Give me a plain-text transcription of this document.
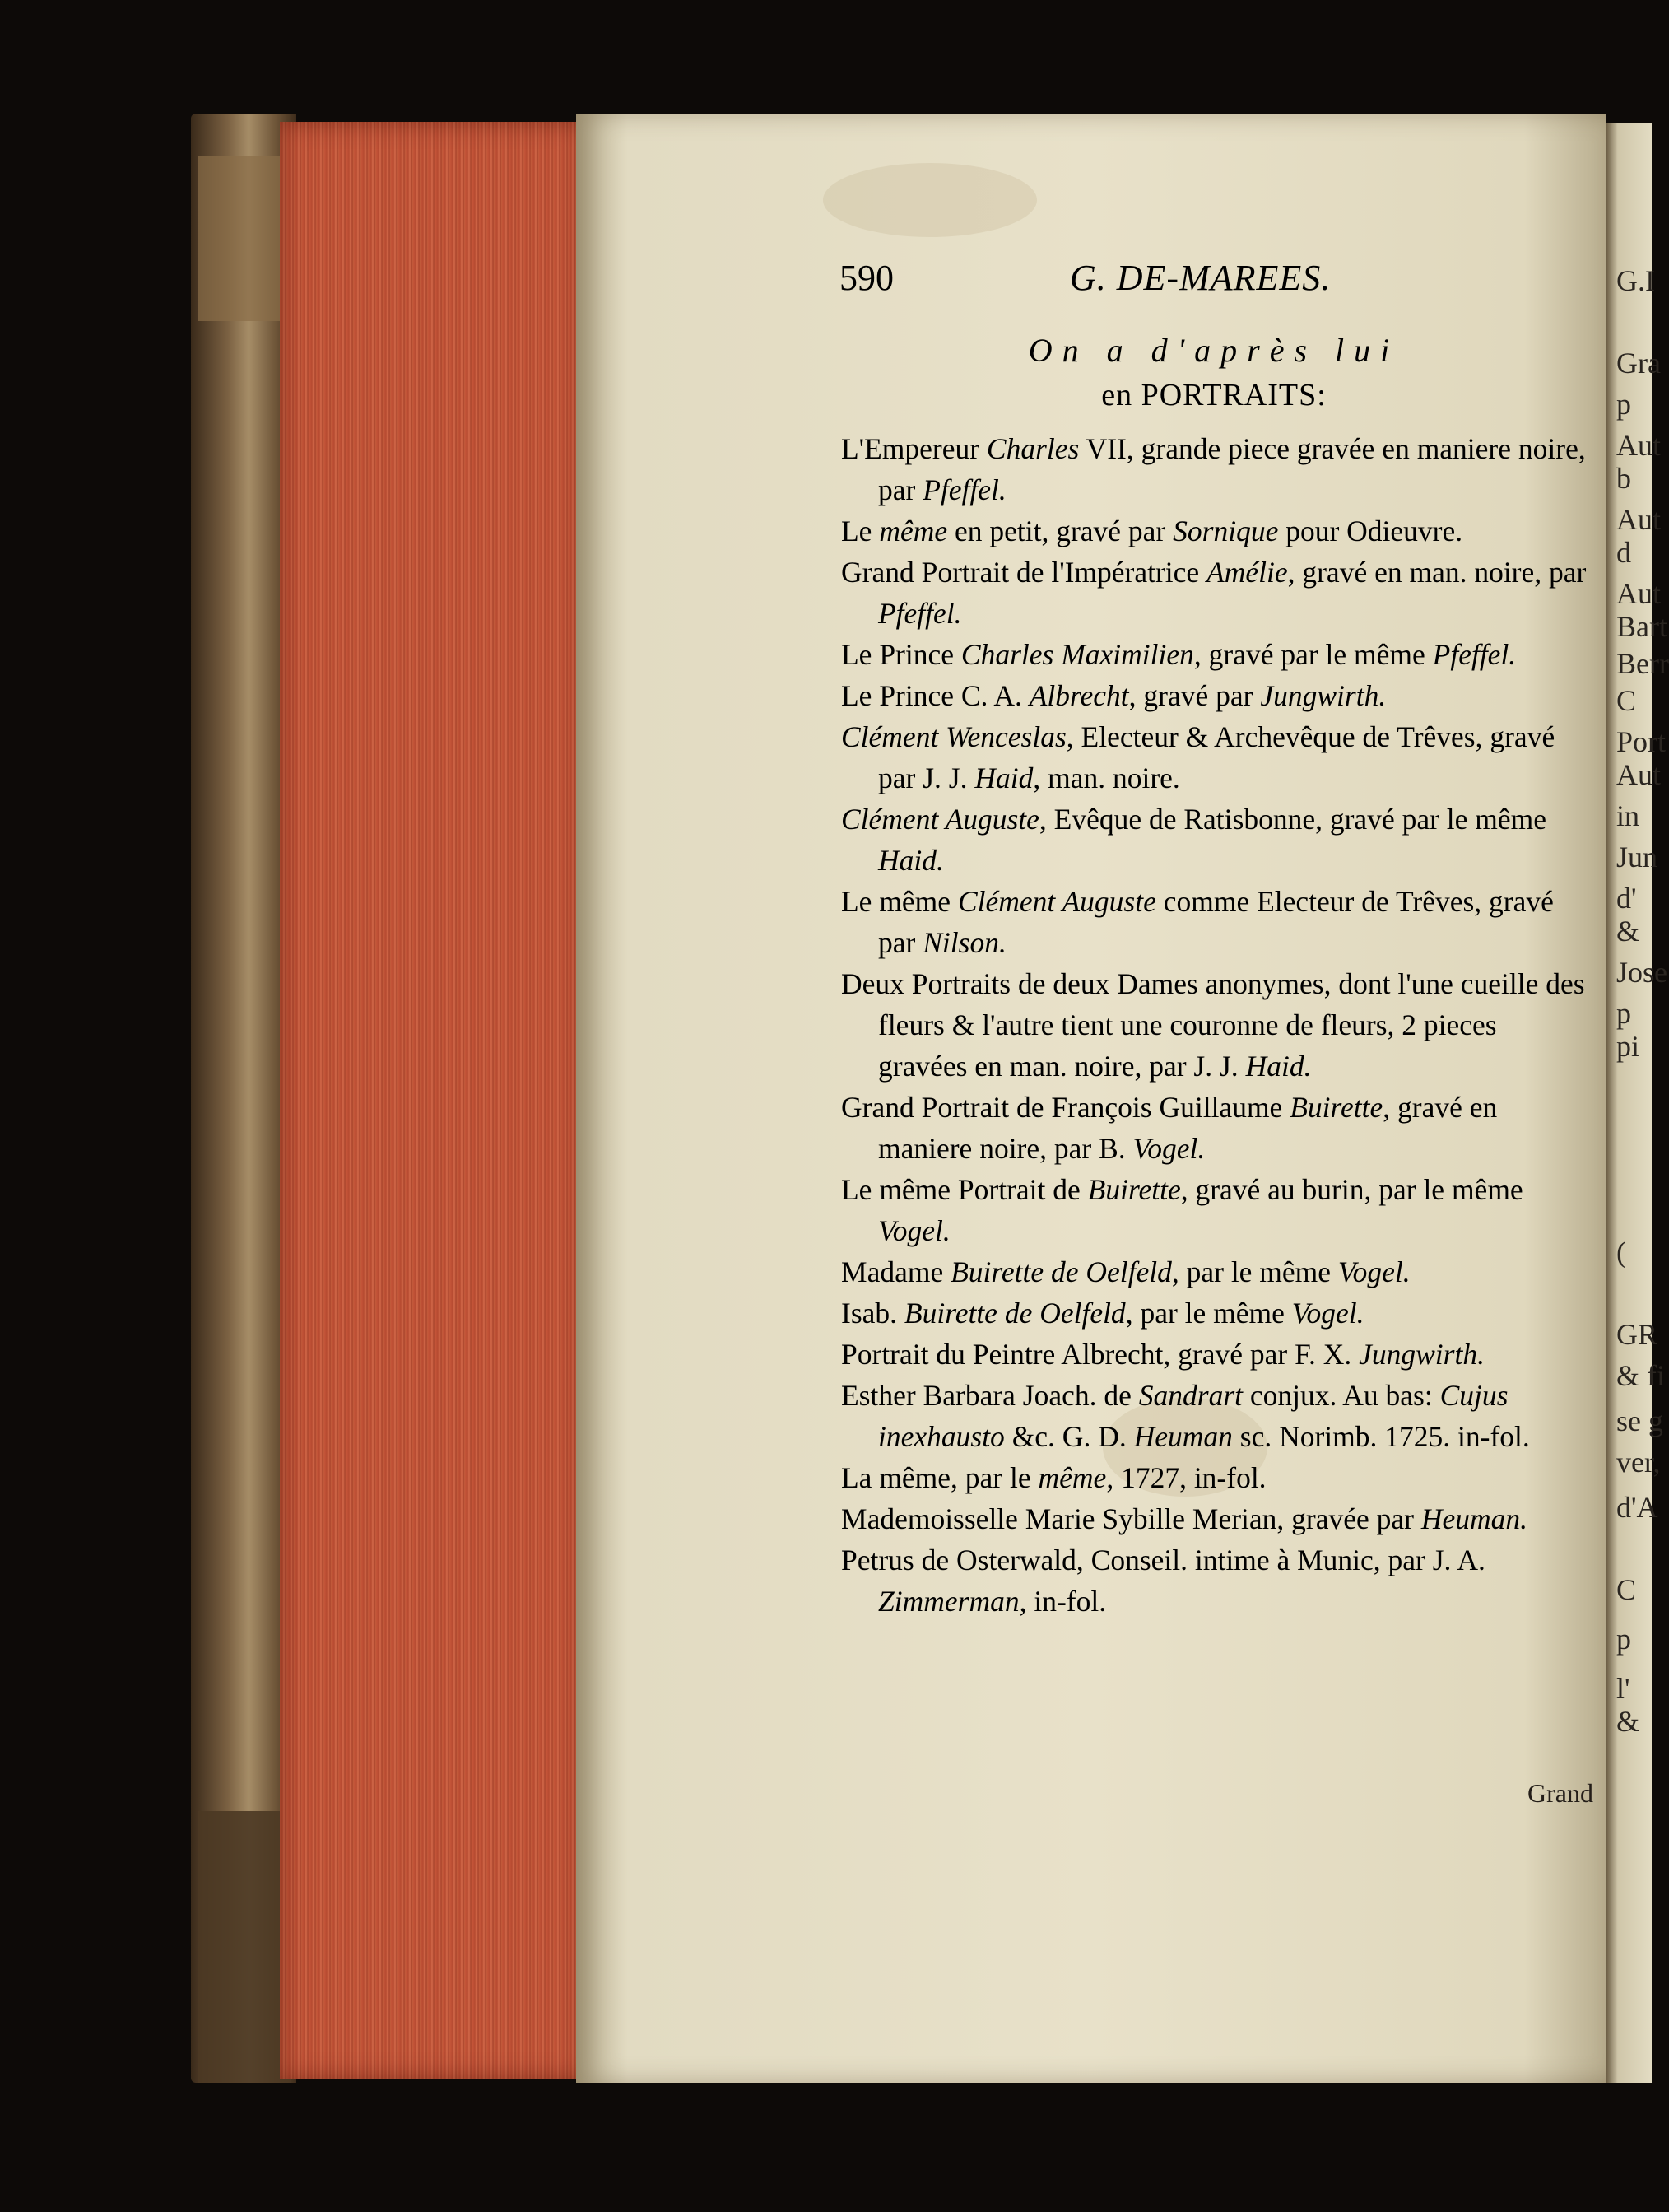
G.I
Gra
p
Aut
b
Aut
d
Aut
Bart
Berr
C
Port
Aut
in
Jun
d'
&
Jose
p
pi
(
GR
& fi
se g
ver,
d'A
C
p
l'
&
590	G. DE-MAREES.
On a d'après lui
en PORTRAITS:

L'Empereur Charles VII, grande piece gravée en maniere noire, par Pfeffel.

Le même en petit, gravé par Sornique pour Odieuvre.

Grand Portrait de l'Impératrice Amélie, gravé en man. noire, par Pfeffel.

Le Prince Charles Maximilien, gravé par le même Pfeffel.

Le Prince C. A. Albrecht, gravé par Jungwirth.

Clément Wenceslas, Electeur & Archevêque de Trêves, gravé par J. J. Haid, man. noire.

Clément Auguste, Evêque de Ratisbonne, gravé par le même Haid.

Le même Clément Auguste comme Electeur de Trêves, gravé par Nilson.

Deux Portraits de deux Dames anonymes, dont l'une cueille des fleurs & l'autre tient une couronne de fleurs, 2 pieces gravées en man. noire, par J. J. Haid.

Grand Portrait de François Guillaume Buirette, gravé en maniere noire, par B. Vogel.

Le même Portrait de Buirette, gravé au burin, par le même Vogel.

Madame Buirette de Oelfeld, par le même Vogel.

Isab. Buirette de Oelfeld, par le même Vogel.

Portrait du Peintre Albrecht, gravé par F. X. Jungwirth.

Esther Barbara Joach. de Sandrart conjux. Au bas: Cujus inexhausto &c. G. D. Heuman sc. Norimb. 1725. in-fol.

La même, par le même, 1727, in-fol.

Mademoisselle Marie Sybille Merian, gravée par Heuman.

Petrus de Osterwald, Conseil. intime à Munic, par J. A. Zimmerman, in-fol.

Grand
